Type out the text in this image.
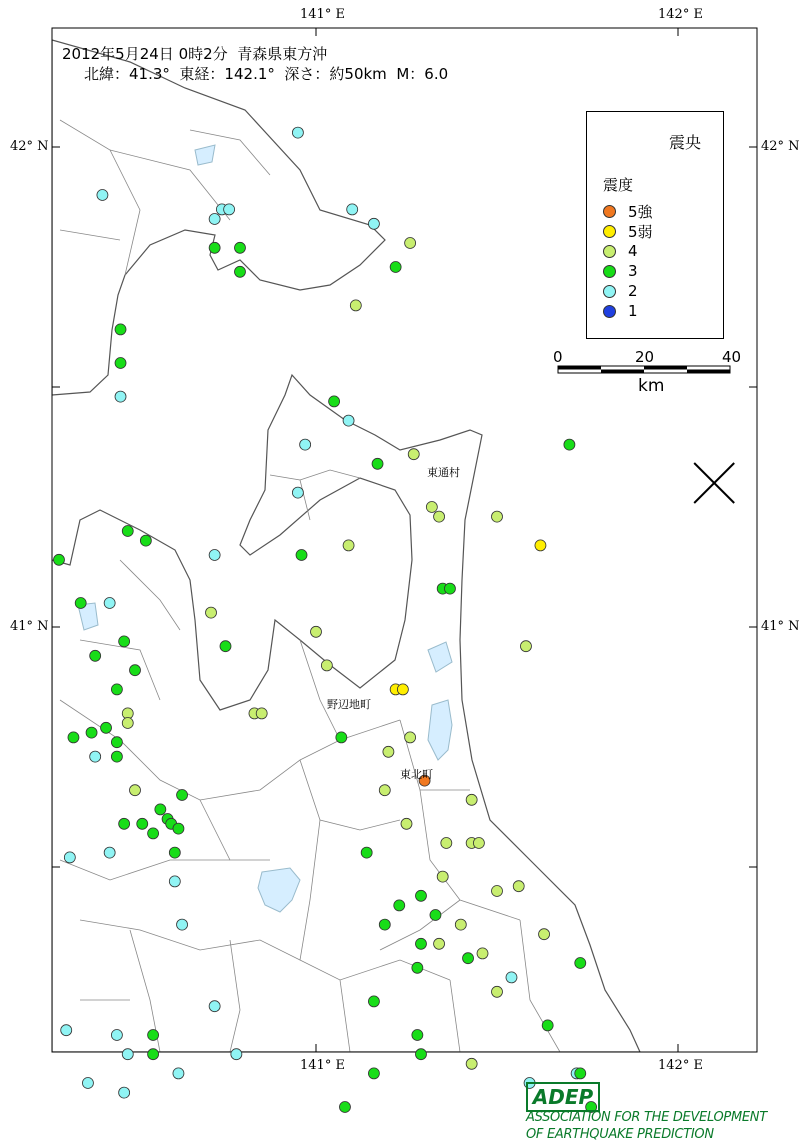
141° E	142° E
141° E	142° E
42° N	42° N
41° N	41° N
2012年5月24日 0時2分  青森県東方沖
北緯：41.3°  東経：142.1°  深さ：約50km  M：6.0
震央
震度
5強
5弱
4
3
2
1
0	20	40
km
東通村
野辺地町
東北町
ADEP
ASSOCIATION FOR THE DEVELOPMENT
OF EARTHQUAKE PREDICTION
